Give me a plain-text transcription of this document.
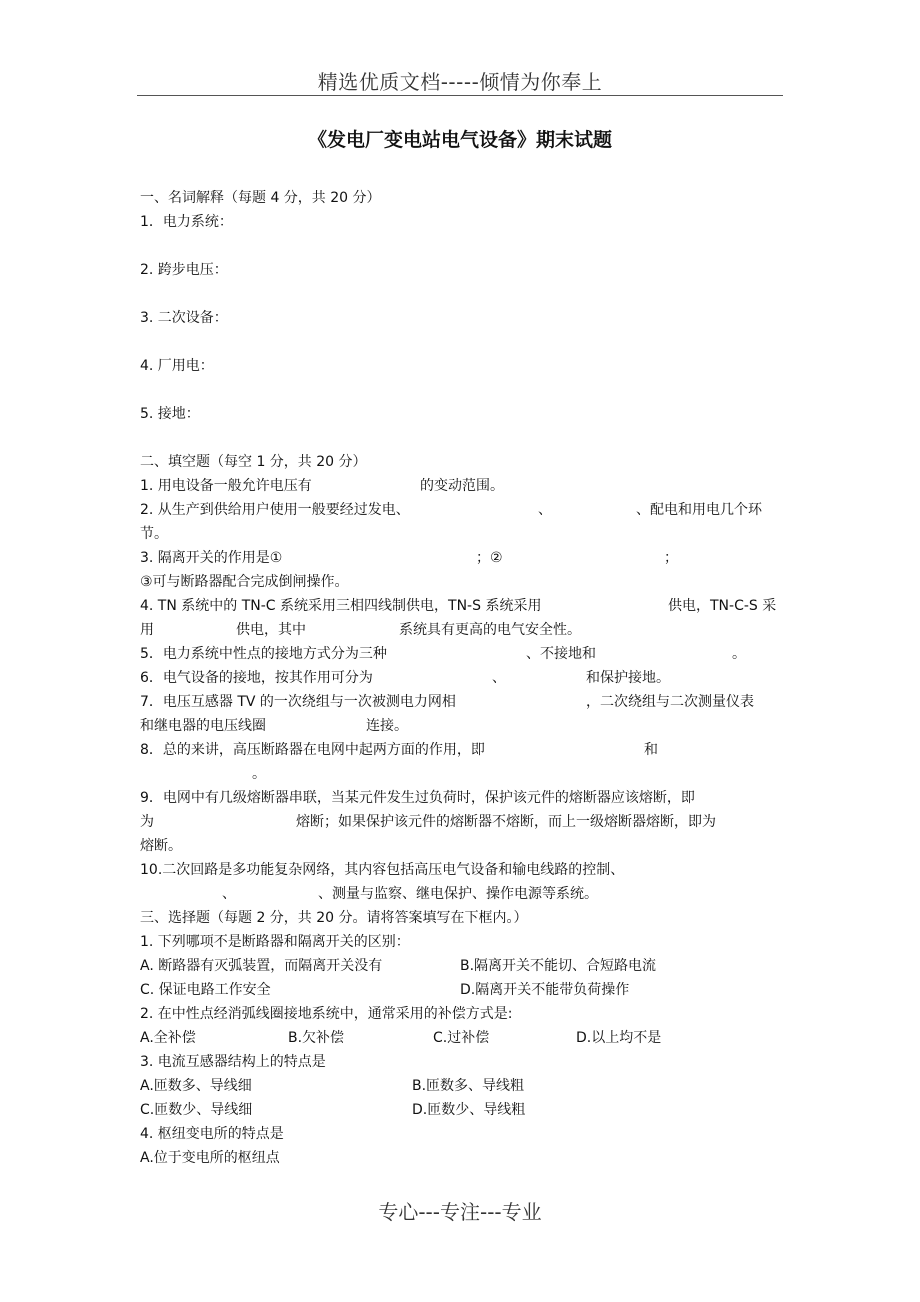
精选优质文档-----倾情为你奉上
《发电厂变电站电气设备》期末试题
一、名词解释（每题 4 分，共 20 分）
1．电力系统：
2. 跨步电压：
3. 二次设备：
4. 厂用电：
5. 接地：
二、填空题（每空 1 分，共 20 分）
1. 用电设备一般允许电压有	的变动范围。
2. 从生产到供给用户使用一般要经过发电、	、	、配电和用电几个环
节。
3. 隔离开关的作用是①	；②	；
③可与断路器配合完成倒闸操作。
4. TN 系统中的 TN-C 系统采用三相四线制供电，TN-S 系统采用	供电，TN-C-S 采
用	供电，其中	系统具有更高的电气安全性。
5．电力系统中性点的接地方式分为三种	、不接地和	。
6．电气设备的接地，按其作用可分为	、	和保护接地。
7．电压互感器 TV 的一次绕组与一次被测电力网相	，二次绕组与二次测量仪表
和继电器的电压线圈	连接。
8．总的来讲，高压断路器在电网中起两方面的作用，即	和
。
9．电网中有几级熔断器串联，当某元件发生过负荷时，保护该元件的熔断器应该熔断，即
为	熔断；如果保护该元件的熔断器不熔断，而上一级熔断器熔断，即为
熔断。
10.二次回路是多功能复杂网络，其内容包括高压电气设备和输电线路的控制、
、	、测量与监察、继电保护、操作电源等系统。
三、选择题（每题 2 分，共 20 分。请将答案填写在下框内。）
1. 下列哪项不是断路器和隔离开关的区别：
A. 断路器有灭弧装置，而隔离开关没有	B.隔离开关不能切、合短路电流
C. 保证电路工作安全	D.隔离开关不能带负荷操作
2. 在中性点经消弧线圈接地系统中，通常采用的补偿方式是:
A.全补偿	B.欠补偿	C.过补偿	D.以上均不是
3. 电流互感器结构上的特点是
A.匝数多、导线细	B.匝数多、导线粗
C.匝数少、导线细	D.匝数少、导线粗
4. 枢纽变电所的特点是
A.位于变电所的枢纽点
专心---专注---专业
